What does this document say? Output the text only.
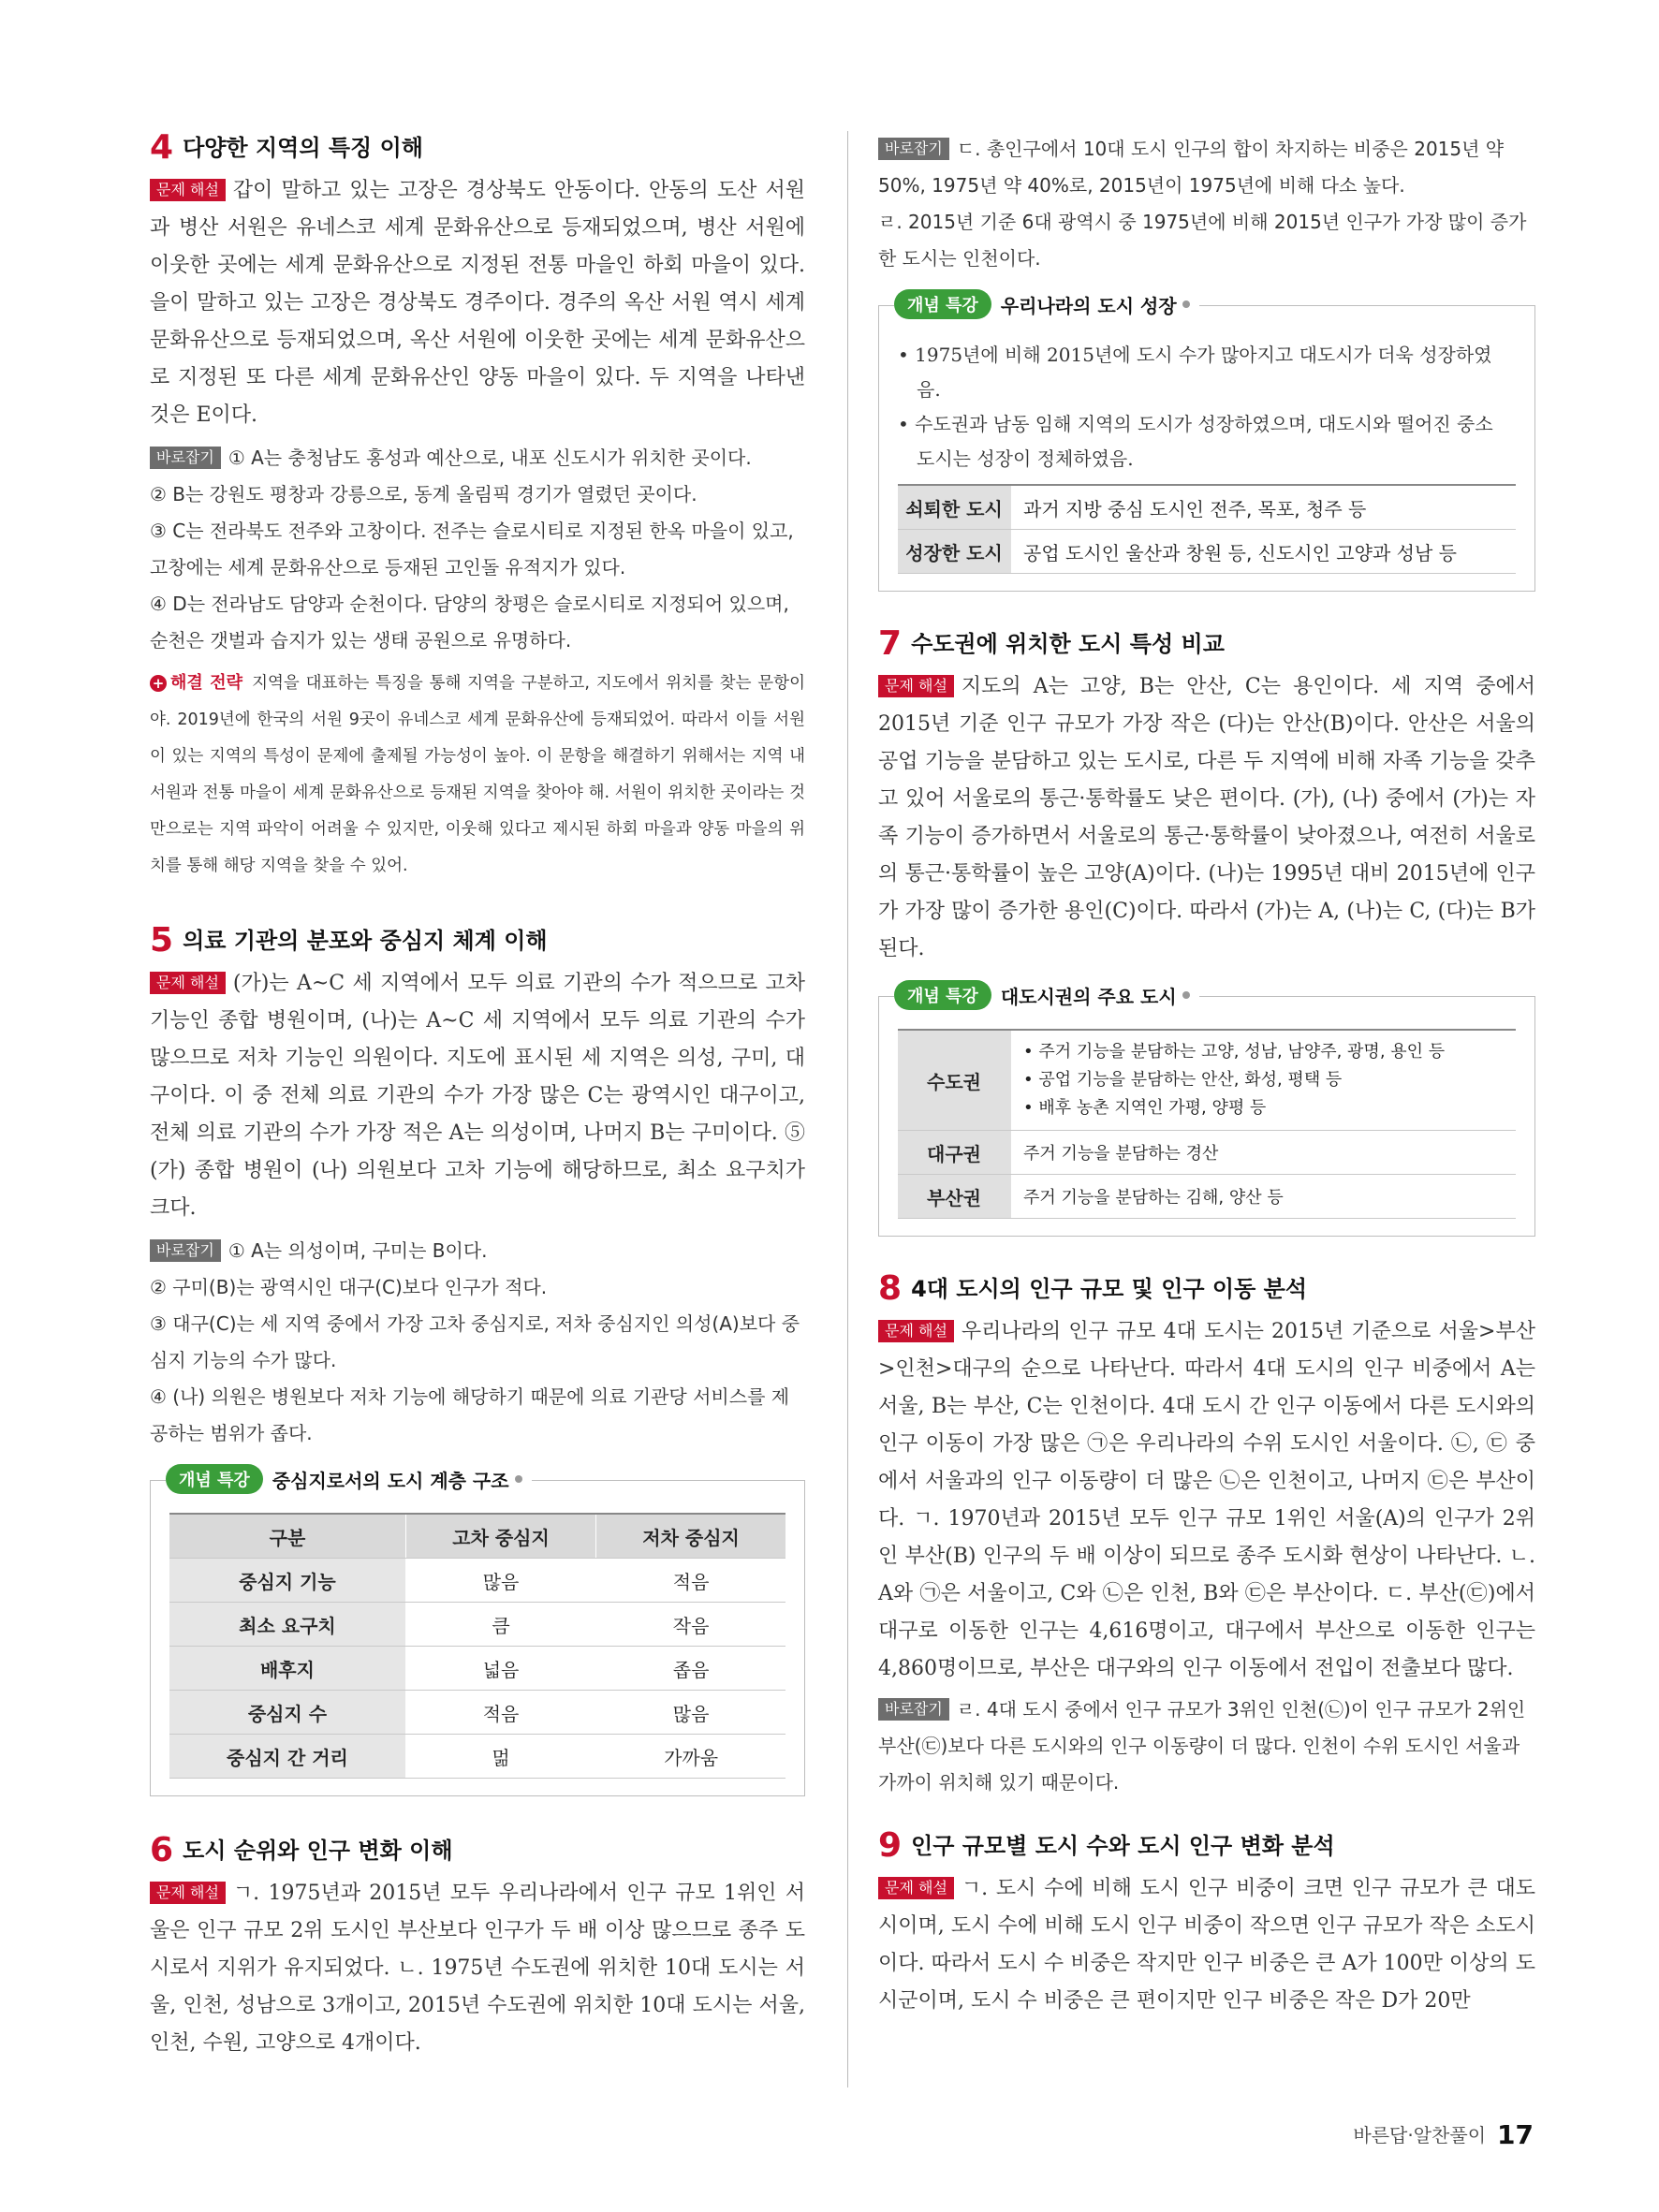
4 다양한 지역의 특징 이해

문제 해설 갑이 말하고 있는 고장은 경상북도 안동이다. 안동의 도산 서원과 병산 서원은 유네스코 세계 문화유산으로 등재되었으며, 병산 서원에 이웃한 곳에는 세계 문화유산으로 지정된 전통 마을인 하회 마을이 있다. 을이 말하고 있는 고장은 경상북도 경주이다. 경주의 옥산 서원 역시 세계 문화유산으로 등재되었으며, 옥산 서원에 이웃한 곳에는 세계 문화유산으로 지정된 또 다른 세계 문화유산인 양동 마을이 있다. 두 지역을 나타낸 것은 E이다.

바로잡기 ① A는 충청남도 홍성과 예산으로, 내포 신도시가 위치한 곳이다.

② B는 강원도 평창과 강릉으로, 동계 올림픽 경기가 열렸던 곳이다.

③ C는 전라북도 전주와 고창이다. 전주는 슬로시티로 지정된 한옥 마을이 있고, 고창에는 세계 문화유산으로 등재된 고인돌 유적지가 있다.

④ D는 전라남도 담양과 순천이다. 담양의 창평은 슬로시티로 지정되어 있으며, 순천은 갯벌과 습지가 있는 생태 공원으로 유명하다.

+ 해결 전략 지역을 대표하는 특징을 통해 지역을 구분하고, 지도에서 위치를 찾는 문항이야. 2019년에 한국의 서원 9곳이 유네스코 세계 문화유산에 등재되었어. 따라서 이들 서원이 있는 지역의 특성이 문제에 출제될 가능성이 높아. 이 문항을 해결하기 위해서는 지역 내 서원과 전통 마을이 세계 문화유산으로 등재된 지역을 찾아야 해. 서원이 위치한 곳이라는 것만으로는 지역 파악이 어려울 수 있지만, 이웃해 있다고 제시된 하회 마을과 양동 마을의 위치를 통해 해당 지역을 찾을 수 있어.

5 의료 기관의 분포와 중심지 체계 이해

문제 해설 (가)는 A~C 세 지역에서 모두 의료 기관의 수가 적으므로 고차 기능인 종합 병원이며, (나)는 A~C 세 지역에서 모두 의료 기관의 수가 많으므로 저차 기능인 의원이다. 지도에 표시된 세 지역은 의성, 구미, 대구이다. 이 중 전체 의료 기관의 수가 가장 많은 C는 광역시인 대구이고, 전체 의료 기관의 수가 가장 적은 A는 의성이며, 나머지 B는 구미이다. ⑤ (가) 종합 병원이 (나) 의원보다 고차 기능에 해당하므로, 최소 요구치가 크다.

바로잡기 ① A는 의성이며, 구미는 B이다.

② 구미(B)는 광역시인 대구(C)보다 인구가 적다.

③ 대구(C)는 세 지역 중에서 가장 고차 중심지로, 저차 중심지인 의성(A)보다 중심지 기능의 수가 많다.

④ (나) 의원은 병원보다 저차 기능에 해당하기 때문에 의료 기관당 서비스를 제공하는 범위가 좁다.

개념 특강	중심지로서의 도시 계층 구조
구분	고차 중심지	저차 중심지
중심지 기능	많음	적음
최소 요구치	큼	작음
배후지	넓음	좁음
중심지 수	적음	많음
중심지 간 거리	멂	가까움
6 도시 순위와 인구 변화 이해

문제 해설 ㄱ. 1975년과 2015년 모두 우리나라에서 인구 규모 1위인 서울은 인구 규모 2위 도시인 부산보다 인구가 두 배 이상 많으므로 종주 도시로서 지위가 유지되었다. ㄴ. 1975년 수도권에 위치한 10대 도시는 서울, 인천, 성남으로 3개이고, 2015년 수도권에 위치한 10대 도시는 서울, 인천, 수원, 고양으로 4개이다.

바로잡기 ㄷ. 총인구에서 10대 도시 인구의 합이 차지하는 비중은 2015년 약 50%, 1975년 약 40%로, 2015년이 1975년에 비해 다소 높다.

ㄹ. 2015년 기준 6대 광역시 중 1975년에 비해 2015년 인구가 가장 많이 증가한 도시는 인천이다.

개념 특강	우리나라의 도시 성장
• 1975년에 비해 2015년에 도시 수가 많아지고 대도시가 더욱 성장하였음.
• 수도권과 남동 임해 지역의 도시가 성장하였으며, 대도시와 떨어진 중소 도시는 성장이 정체하였음.
쇠퇴한 도시	과거 지방 중심 도시인 전주, 목포, 청주 등
성장한 도시	공업 도시인 울산과 창원 등, 신도시인 고양과 성남 등
7 수도권에 위치한 도시 특성 비교

문제 해설 지도의 A는 고양, B는 안산, C는 용인이다. 세 지역 중에서 2015년 기준 인구 규모가 가장 작은 (다)는 안산(B)이다. 안산은 서울의 공업 기능을 분담하고 있는 도시로, 다른 두 지역에 비해 자족 기능을 갖추고 있어 서울로의 통근·통학률도 낮은 편이다. (가), (나) 중에서 (가)는 자족 기능이 증가하면서 서울로의 통근·통학률이 낮아졌으나, 여전히 서울로의 통근·통학률이 높은 고양(A)이다. (나)는 1995년 대비 2015년에 인구가 가장 많이 증가한 용인(C)이다. 따라서 (가)는 A, (나)는 C, (다)는 B가 된다.

개념 특강	대도시권의 주요 도시
수도권	• 주거 기능을 분담하는 고양, 성남, 남양주, 광명, 용인 등
• 공업 기능을 분담하는 안산, 화성, 평택 등
• 배후 농촌 지역인 가평, 양평 등

대구권	주거 기능을 분담하는 경산
부산권	주거 기능을 분담하는 김해, 양산 등
8 4대 도시의 인구 규모 및 인구 이동 분석

문제 해설 우리나라의 인구 규모 4대 도시는 2015년 기준으로 서울>부산>인천>대구의 순으로 나타난다. 따라서 4대 도시의 인구 비중에서 A는 서울, B는 부산, C는 인천이다. 4대 도시 간 인구 이동에서 다른 도시와의 인구 이동이 가장 많은 ㉠은 우리나라의 수위 도시인 서울이다. ㉡, ㉢ 중에서 서울과의 인구 이동량이 더 많은 ㉡은 인천이고, 나머지 ㉢은 부산이다. ㄱ. 1970년과 2015년 모두 인구 규모 1위인 서울(A)의 인구가 2위인 부산(B) 인구의 두 배 이상이 되므로 종주 도시화 현상이 나타난다. ㄴ. A와 ㉠은 서울이고, C와 ㉡은 인천, B와 ㉢은 부산이다. ㄷ. 부산(㉢)에서 대구로 이동한 인구는 4,616명이고, 대구에서 부산으로 이동한 인구는 4,860명이므로, 부산은 대구와의 인구 이동에서 전입이 전출보다 많다.

바로잡기 ㄹ. 4대 도시 중에서 인구 규모가 3위인 인천(㉡)이 인구 규모가 2위인 부산(㉢)보다 다른 도시와의 인구 이동량이 더 많다. 인천이 수위 도시인 서울과 가까이 위치해 있기 때문이다.

9 인구 규모별 도시 수와 도시 인구 변화 분석

문제 해설 ㄱ. 도시 수에 비해 도시 인구 비중이 크면 인구 규모가 큰 대도시이며, 도시 수에 비해 도시 인구 비중이 작으면 인구 규모가 작은 소도시이다. 따라서 도시 수 비중은 작지만 인구 비중은 큰 A가 100만 이상의 도시군이며, 도시 수 비중은 큰 편이지만 인구 비중은 작은 D가 20만

바른답·알찬풀이 17
